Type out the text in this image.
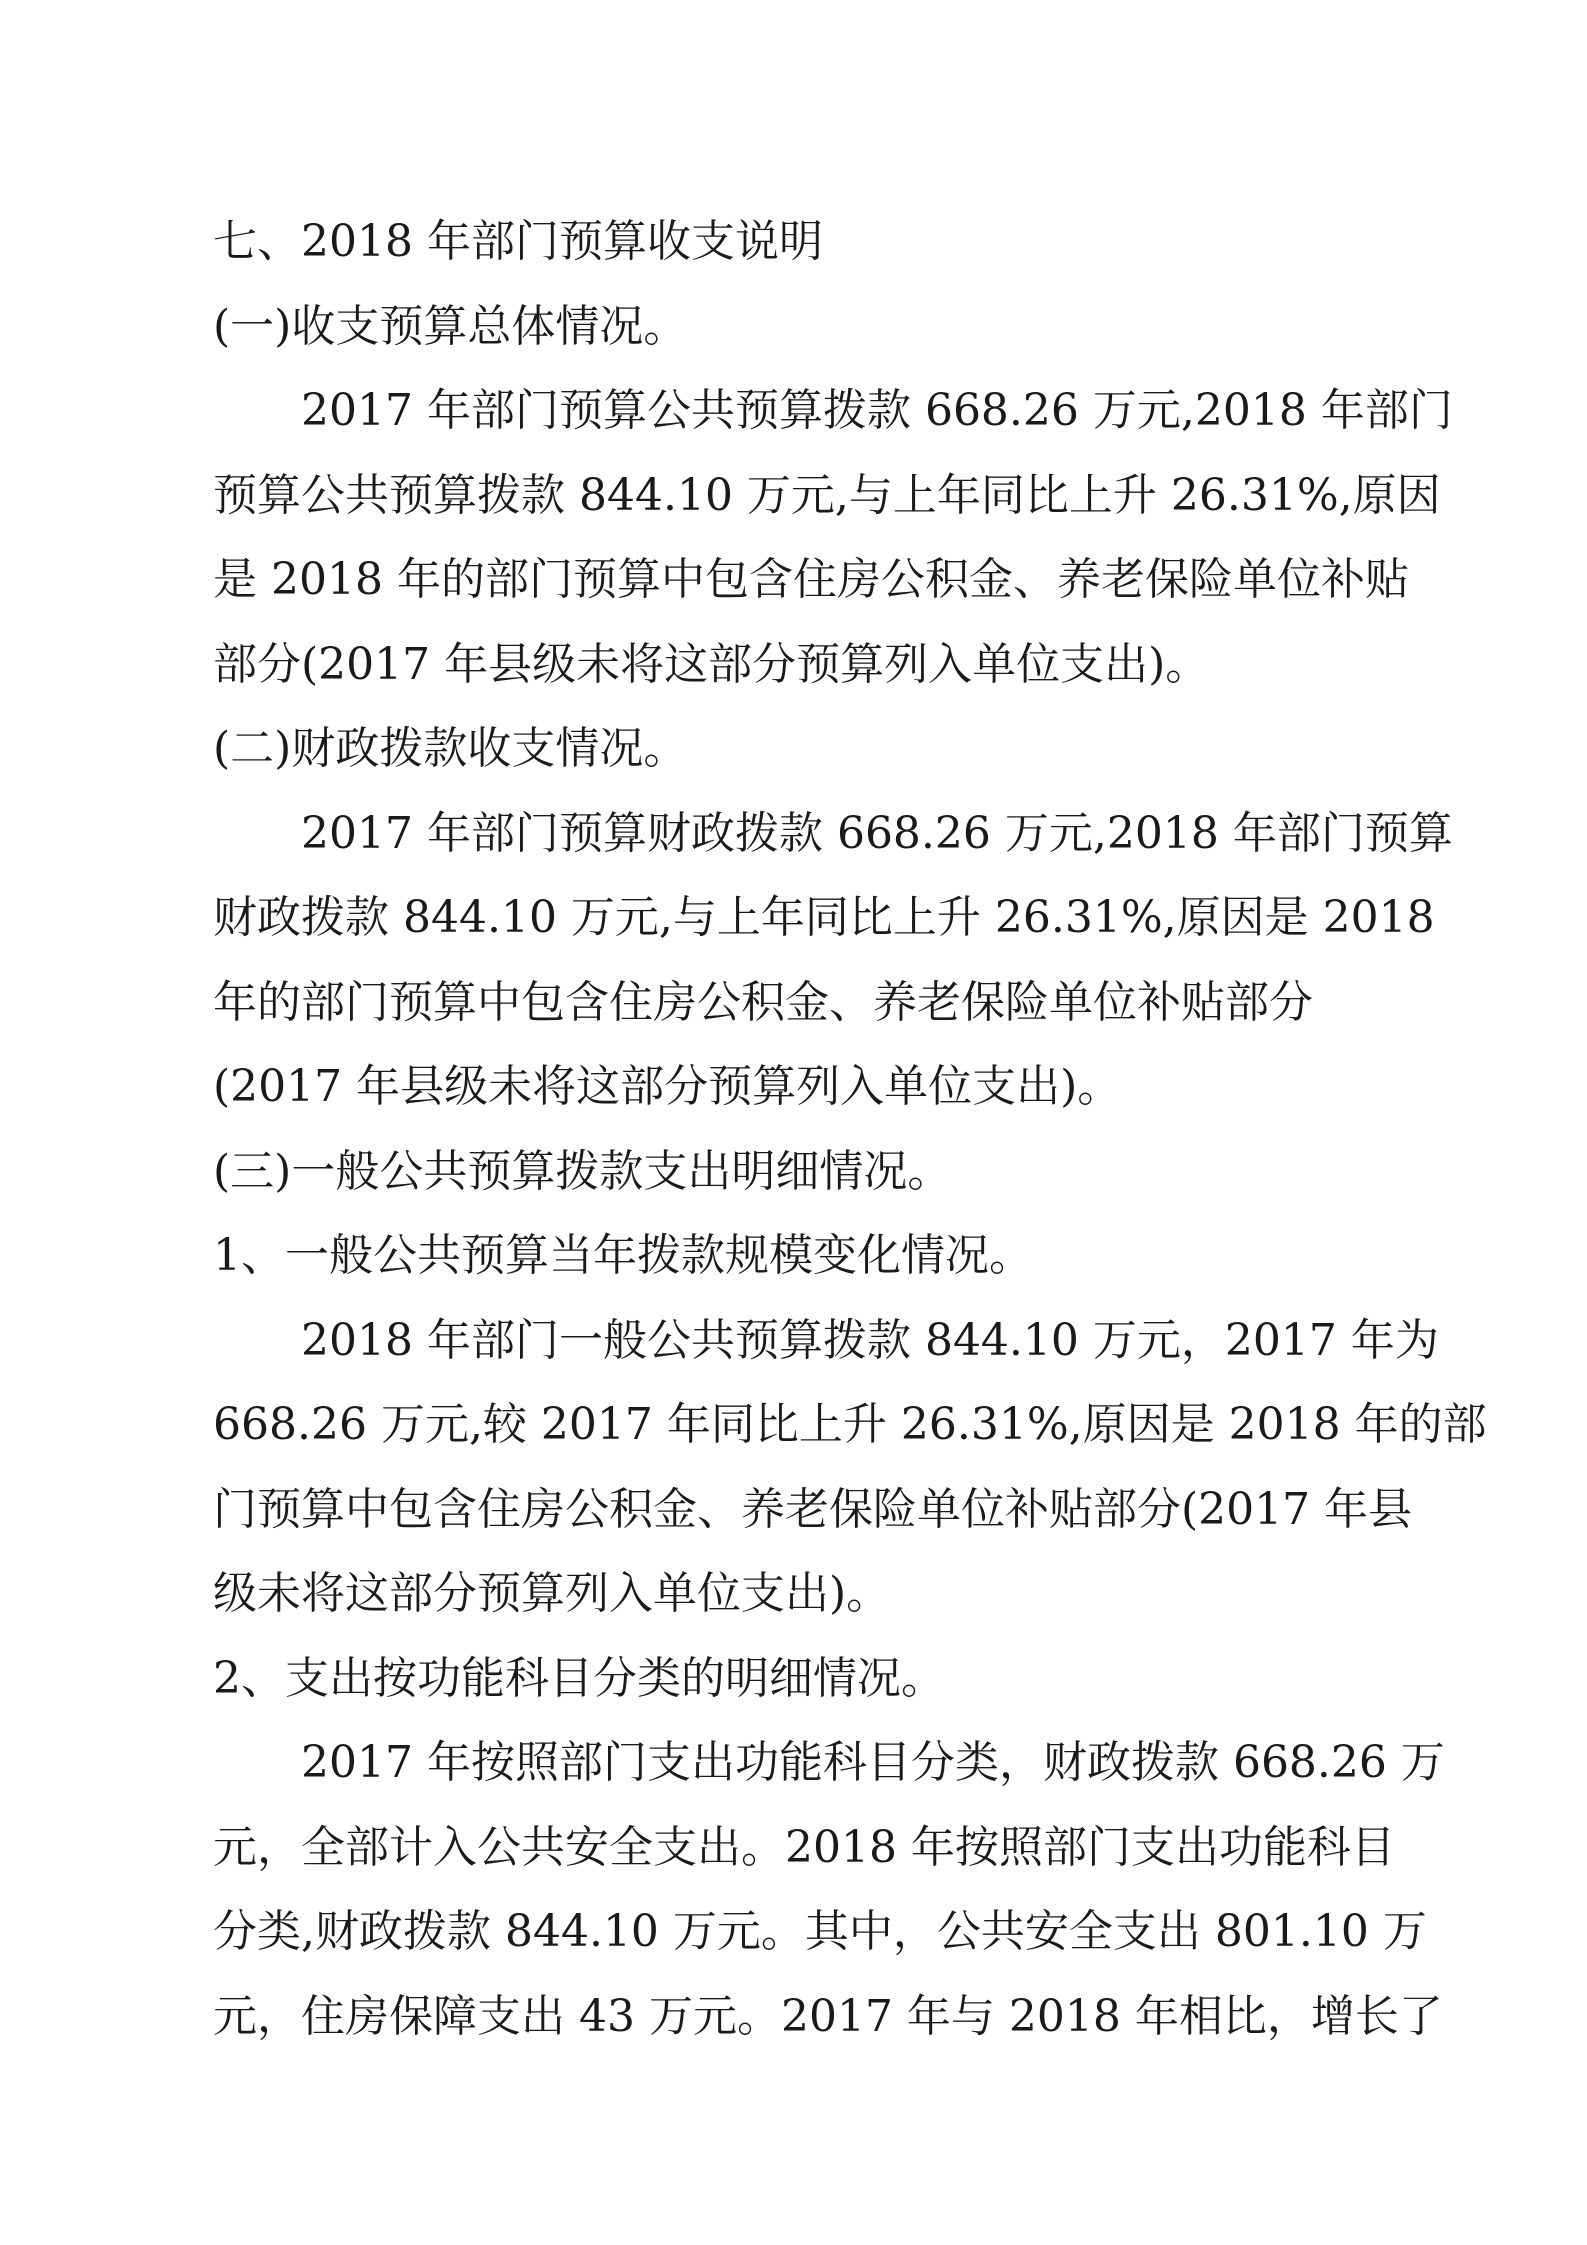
七、2018 年部门预算收支说明
(一)收支预算总体情况。
2017 年部门预算公共预算拨款 668.26 万元,2018 年部门
预算公共预算拨款 844.10 万元,与上年同比上升 26.31%,原因
是 2018 年的部门预算中包含住房公积金、养老保险单位补贴
部分(2017 年县级未将这部分预算列入单位支出)。
(二)财政拨款收支情况。
2017 年部门预算财政拨款 668.26 万元,2018 年部门预算
财政拨款 844.10 万元,与上年同比上升 26.31%,原因是 2018
年的部门预算中包含住房公积金、养老保险单位补贴部分
(2017 年县级未将这部分预算列入单位支出)。
(三)一般公共预算拨款支出明细情况。
1、一般公共预算当年拨款规模变化情况。
2018 年部门一般公共预算拨款 844.10 万元，2017 年为
668.26 万元,较 2017 年同比上升 26.31%,原因是 2018 年的部
门预算中包含住房公积金、养老保险单位补贴部分(2017 年县
级未将这部分预算列入单位支出)。
2、支出按功能科目分类的明细情况。
2017 年按照部门支出功能科目分类，财政拨款 668.26 万
元，全部计入公共安全支出。2018 年按照部门支出功能科目
分类,财政拨款 844.10 万元。其中，公共安全支出 801.10 万
元，住房保障支出 43 万元。2017 年与 2018 年相比，增长了
